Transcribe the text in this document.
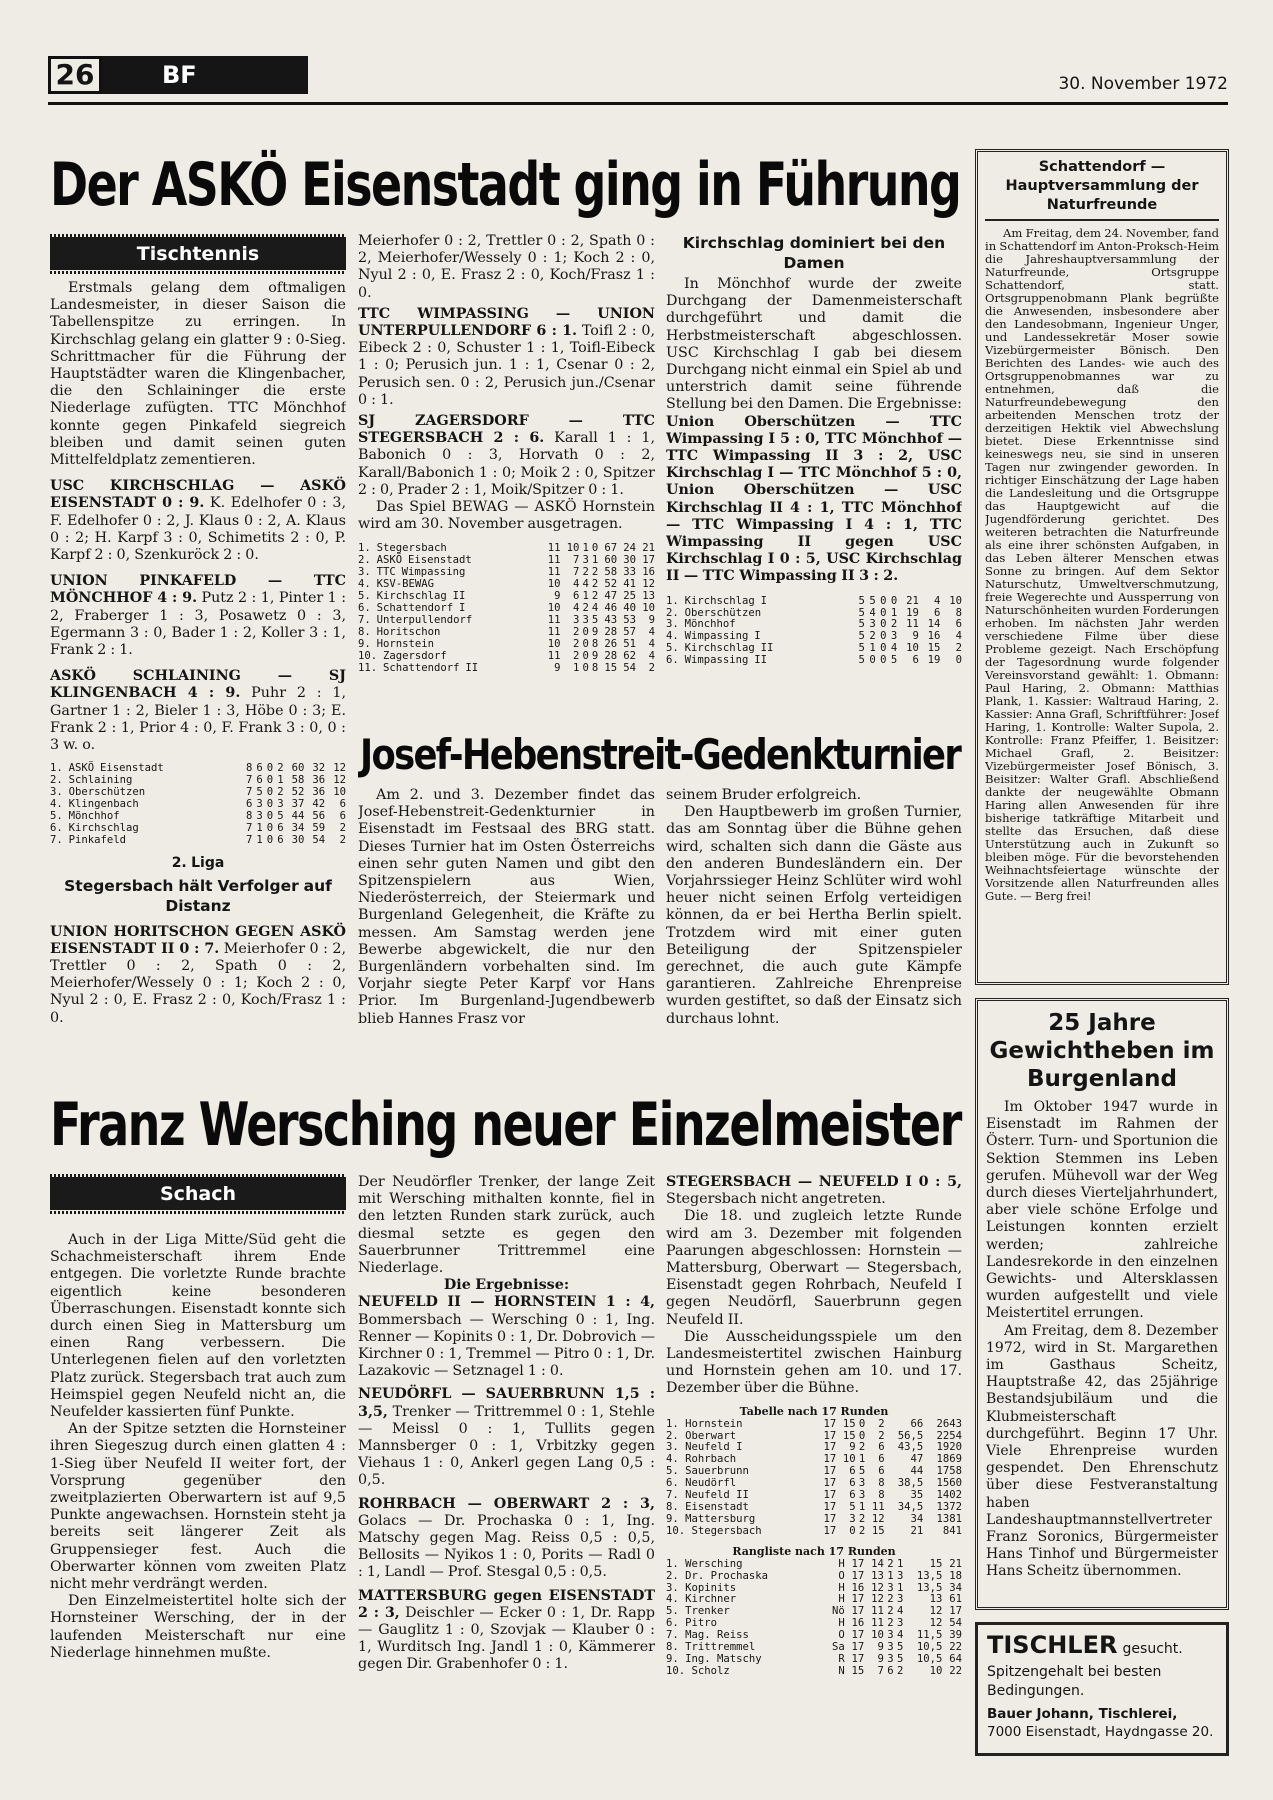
26	BF	30. November 1972
Der ASKÖ Eisenstadt ging in Führung
Tischtennis

Erstmals gelang dem oftmaligen Landesmeister, in dieser Saison die Tabellenspitze zu erringen. In Kirchschlag gelang ein glatter 9 : 0-Sieg. Schrittmacher für die Führung der Hauptstädter waren die Klingenbacher, die den Schlaininger die erste Niederlage zufügten. TTC Mönchhof konnte gegen Pinkafeld siegreich bleiben und damit seinen guten Mittelfeldplatz zementieren.

USC KIRCHSCHLAG — ASKÖ EISENSTADT 0 : 9. K. Edelhofer 0 : 3, F. Edelhofer 0 : 2, J. Klaus 0 : 2, A. Klaus 0 : 2; H. Karpf 3 : 0, Schimetits 2 : 0, P. Karpf 2 : 0, Szenkuröck 2 : 0.

UNION PINKAFELD — TTC MÖNCHHOF 4 : 9. Putz 2 : 1, Pinter 1 : 2, Fraberger 1 : 3, Posawetz 0 : 3, Egermann 3 : 0, Bader 1 : 2, Koller 3 : 1, Frank 2 : 1.

ASKÖ SCHLAINING — SJ KLINGENBACH 4 : 9. Puhr 2 : 1, Gartner 1 : 2, Bieler 1 : 3, Höbe 0 : 3; E. Frank 2 : 1, Prior 4 : 0, F. Frank 3 : 0, 0 : 3 w. o.

1. ASKÖ Eisenstadt	8	6	0	2	60	32	12
2. Schlaining	7	6	0	1	58	36	12
3. Oberschützen	7	5	0	2	52	36	10
4. Klingenbach	6	3	0	3	37	42	6
5. Mönchhof	8	3	0	5	44	56	6
6. Kirchschlag	7	1	0	6	34	59	2
7. Pinkafeld	7	1	0	6	30	54	2
2. Liga
Stegersbach hält Verfolger auf Distanz

UNION HORITSCHON GEGEN ASKÖ EISENSTADT II 0 : 7. Meierhofer 0 : 2, Trettler 0 : 2, Spath 0 : 2, Meierhofer/Wessely 0 : 1; Koch 2 : 0, Nyul 2 : 0, E. Frasz 2 : 0, Koch/Frasz 1 : 0.

Meierhofer 0 : 2, Trettler 0 : 2, Spath 0 : 2, Meierhofer/Wessely 0 : 1; Koch 2 : 0, Nyul 2 : 0, E. Frasz 2 : 0, Koch/Frasz 1 : 0.

TTC WIMPASSING — UNION UNTERPULLENDORF 6 : 1. Toifl 2 : 0, Eibeck 2 : 0, Schuster 1 : 1, Toifl-Eibeck 1 : 0; Perusich jun. 1 : 1, Csenar 0 : 2, Perusich sen. 0 : 2, Perusich jun./Csenar 0 : 1.

SJ ZAGERSDORF — TTC STEGERSBACH 2 : 6. Karall 1 : 1, Babonich 0 : 3, Horvath 0 : 2, Karall/Babonich 1 : 0; Moik 2 : 0, Spitzer 2 : 0, Prader 2 : 1, Moik/Spitzer 0 : 1.

Das Spiel BEWAG — ASKÖ Hornstein wird am 30. November ausgetragen.

1. Stegersbach	11	10	1	0	67	24	21
2. ASKÖ Eisenstadt	11	7	3	1	60	30	17
3. TTC Wimpassing	11	7	2	2	58	33	16
4. KSV-BEWAG	10	4	4	2	52	41	12
5. Kirchschlag II	9	6	1	2	47	25	13
6. Schattendorf I	10	4	2	4	46	40	10
7. Unterpullendorf	11	3	3	5	43	53	9
8. Horitschon	11	2	0	9	28	57	4
9. Hornstein	10	2	0	8	26	51	4
10. Zagersdorf	11	2	0	9	28	62	4
11. Schattendorf II	9	1	0	8	15	54	2
Kirchschlag dominiert bei den Damen

In Mönchhof wurde der zweite Durchgang der Damenmeisterschaft durchgeführt und damit die Herbstmeisterschaft abgeschlossen. USC Kirchschlag I gab bei diesem Durchgang nicht einmal ein Spiel ab und unterstrich damit seine führende Stellung bei den Damen. Die Ergebnisse:

Union Oberschützen — TTC Wimpassing I 5 : 0, TTC Mönchhof — TTC Wimpassing II 3 : 2, USC Kirchschlag I — TTC Mönchhof 5 : 0, Union Oberschützen — USC Kirchschlag II 4 : 1, TTC Mönchhof — TTC Wimpassing I 4 : 1, TTC Wimpassing II gegen USC Kirchschlag I 0 : 5, USC Kirchschlag II — TTC Wimpassing II 3 : 2.

1. Kirchschlag I	5	5	0	0	21	4	10
2. Oberschützen	5	4	0	1	19	6	8
3. Mönchhof	5	3	0	2	11	14	6
4. Wimpassing I	5	2	0	3	9	16	4
5. Kirchschlag II	5	1	0	4	10	15	2
6. Wimpassing II	5	0	0	5	6	19	0
Josef-Hebenstreit-Gedenkturnier

Am 2. und 3. Dezember findet das Josef-Hebenstreit-Gedenkturnier in Eisenstadt im Festsaal des BRG statt. Dieses Turnier hat im Osten Österreichs einen sehr guten Namen und gibt den Spitzenspielern aus Wien, Niederösterreich, der Steiermark und Burgenland Gelegenheit, die Kräfte zu messen. Am Samstag werden jene Bewerbe abgewickelt, die nur den Burgenländern vorbehalten sind. Im Vorjahr siegte Peter Karpf vor Hans Prior. Im Burgenland-Jugendbewerb blieb Hannes Frasz vor

seinem Bruder erfolgreich.

Den Hauptbewerb im großen Turnier, das am Sonntag über die Bühne gehen wird, schalten sich dann die Gäste aus den anderen Bundesländern ein. Der Vorjahrssieger Heinz Schlüter wird wohl heuer nicht seinen Erfolg verteidigen können, da er bei Hertha Berlin spielt. Trotzdem wird mit einer guten Beteiligung der Spitzenspieler gerechnet, die auch gute Kämpfe garantieren. Zahlreiche Ehrenpreise wurden gestiftet, so daß der Einsatz sich durchaus lohnt.

Franz Wersching neuer Einzelmeister
Schach

Auch in der Liga Mitte/Süd geht die Schachmeisterschaft ihrem Ende entgegen. Die vorletzte Runde brachte eigentlich keine besonderen Überraschungen. Eisenstadt konnte sich durch einen Sieg in Mattersburg um einen Rang verbessern. Die Unterlegenen fielen auf den vorletzten Platz zurück. Stegersbach trat auch zum Heimspiel gegen Neufeld nicht an, die Neufelder kassierten fünf Punkte.

An der Spitze setzten die Hornsteiner ihren Siegeszug durch einen glatten 4 : 1-Sieg über Neufeld II weiter fort, der Vorsprung gegenüber den zweitplazierten Oberwartern ist auf 9,5 Punkte angewachsen. Hornstein steht ja bereits seit längerer Zeit als Gruppensieger fest. Auch die Oberwarter können vom zweiten Platz nicht mehr verdrängt werden.

Den Einzelmeistertitel holte sich der Hornsteiner Wersching, der in der laufenden Meisterschaft nur eine Niederlage hinnehmen mußte.

Der Neudörfler Trenker, der lange Zeit mit Wersching mithalten konnte, fiel in den letzten Runden stark zurück, auch diesmal setzte es gegen den Sauerbrunner Trittremmel eine Niederlage.

Die Ergebnisse:

NEUFELD II — HORNSTEIN 1 : 4, Bommersbach — Wersching 0 : 1, Ing. Renner — Kopinits 0 : 1, Dr. Dobrovich — Kirchner 0 : 1, Tremmel — Pitro 0 : 1, Dr. Lazakovic — Setznagel 1 : 0.

NEUDÖRFL — SAUERBRUNN 1,5 : 3,5, Trenker — Trittremmel 0 : 1, Stehle — Meissl 0 : 1, Tullits gegen Mannsberger 0 : 1, Vrbitzky gegen Viehaus 1 : 0, Ankerl gegen Lang 0,5 : 0,5.

ROHRBACH — OBERWART 2 : 3, Golacs — Dr. Prochaska 0 : 1, Ing. Matschy gegen Mag. Reiss 0,5 : 0,5, Bellosits — Nyikos 1 : 0, Porits — Radl 0 : 1, Landl — Prof. Stesgal 0,5 : 0,5.

MATTERSBURG gegen EISENSTADT 2 : 3, Deischler — Ecker 0 : 1, Dr. Rapp — Gauglitz 1 : 0, Szovjak — Klauber 0 : 1, Wurditsch Ing. Jandl 1 : 0, Kämmerer gegen Dir. Grabenhofer 0 : 1.

STEGERSBACH — NEUFELD I 0 : 5, Stegersbach nicht angetreten.

Die 18. und zugleich letzte Runde wird am 3. Dezember mit folgenden Paarungen abgeschlossen: Hornstein — Mattersburg, Oberwart — Stegersbach, Eisenstadt gegen Rohrbach, Neufeld I gegen Neudörfl, Sauerbrunn gegen Neufeld II.

Die Ausscheidungsspiele um den Landesmeistertitel zwischen Hainburg und Hornstein gehen am 10. und 17. Dezember über die Bühne.

Tabelle nach 17 Runden
1. Hornstein	17	15	0	2	66	2643
2. Oberwart	17	15	0	2	56,5	2254
3. Neufeld I	17	9	2	6	43,5	1920
4. Rohrbach	17	10	1	6	47	1869
5. Sauerbrunn	17	6	5	6	44	1758
6. Neudörfl	17	6	3	8	38,5	1560
7. Neufeld II	17	6	3	8	35	1402
8. Eisenstadt	17	5	1	11	34,5	1372
9. Mattersburg	17	3	2	12	34	1381
10. Stegersbach	17	0	2	15	21	841
Rangliste nach 17 Runden
1. Wersching	H	17	14	2	1	15	21
2. Dr. Prochaska	O	17	13	1	3	13,5	18
3. Kopinits	H	16	12	3	1	13,5	34
4. Kirchner	H	17	12	2	3	13	61
5. Trenker	Nö	17	11	2	4	12	17
6. Pitro	H	16	11	2	3	12	54
7. Mag. Reiss	O	17	10	3	4	11,5	39
8. Trittremmel	Sa	17	9	3	5	10,5	22
9. Ing. Matschy	R	17	9	3	5	10,5	64
10. Scholz	N	15	7	6	2	10	22
Schattendorf — Hauptversammlung der Naturfreunde

Am Freitag, dem 24. November, fand in Schattendorf im Anton-Proksch-Heim die Jahreshauptversammlung der Naturfreunde, Ortsgruppe Schattendorf, statt. Ortsgruppenobmann Plank begrüßte die Anwesenden, insbesondere aber den Landesobmann, Ingenieur Unger, und Landessekretär Moser sowie Vizebürgermeister Bönisch. Den Berichten des Landes- wie auch des Ortsgruppenobmannes war zu entnehmen, daß die Naturfreundebewegung den arbeitenden Menschen trotz der derzeitigen Hektik viel Abwechslung bietet. Diese Erkenntnisse sind keineswegs neu, sie sind in unseren Tagen nur zwingender geworden. In richtiger Einschätzung der Lage haben die Landesleitung und die Ortsgruppe das Hauptgewicht auf die Jugendförderung gerichtet. Des weiteren betrachten die Naturfreunde als eine ihrer schönsten Aufgaben, in das Leben älterer Menschen etwas Sonne zu bringen. Auf dem Sektor Naturschutz, Umweltverschmutzung, freie Wegerechte und Aussperrung von Naturschönheiten wurden Forderungen erhoben. Im nächsten Jahr werden verschiedene Filme über diese Probleme gezeigt. Nach Erschöpfung der Tagesordnung wurde folgender Vereinsvorstand gewählt: 1. Obmann: Paul Haring, 2. Obmann: Matthias Plank, 1. Kassier: Waltraud Haring, 2. Kassier: Anna Grafl, Schriftführer: Josef Haring, 1. Kontrolle: Walter Supola, 2. Kontrolle: Franz Pfeiffer, 1. Beisitzer: Michael Grafl, 2. Beisitzer: Vizebürgermeister Josef Bönisch, 3. Beisitzer: Walter Grafl. Abschließend dankte der neugewählte Obmann Haring allen Anwesenden für ihre bisherige tatkräftige Mitarbeit und stellte das Ersuchen, daß diese Unterstützung auch in Zukunft so bleiben möge. Für die bevorstehenden Weihnachtsfeiertage wünschte der Vorsitzende allen Naturfreunden alles Gute. — Berg frei!

25 Jahre Gewichtheben im Burgenland

Im Oktober 1947 wurde in Eisenstadt im Rahmen der Österr. Turn- und Sportunion die Sektion Stemmen ins Leben gerufen. Mühevoll war der Weg durch dieses Vierteljahrhundert, aber viele schöne Erfolge und Leistungen konnten erzielt werden; zahlreiche Landesrekorde in den einzelnen Gewichts- und Altersklassen wurden aufgestellt und viele Meistertitel errungen.

Am Freitag, dem 8. Dezember 1972, wird in St. Margarethen im Gasthaus Scheitz, Hauptstraße 42, das 25jährige Bestandsjubiläum und die Klubmeisterschaft durchgeführt. Beginn 17 Uhr. Viele Ehrenpreise wurden gespendet. Den Ehrenschutz über diese Festveranstaltung haben Landeshauptmannstellvertreter Franz Soronics, Bürgermeister Hans Tinhof und Bürgermeister Hans Scheitz übernommen.

TISCHLER gesucht.
Spitzengehalt bei besten Bedingungen.
Bauer Johann, Tischlerei,
7000 Eisenstadt, Haydngasse 20.
